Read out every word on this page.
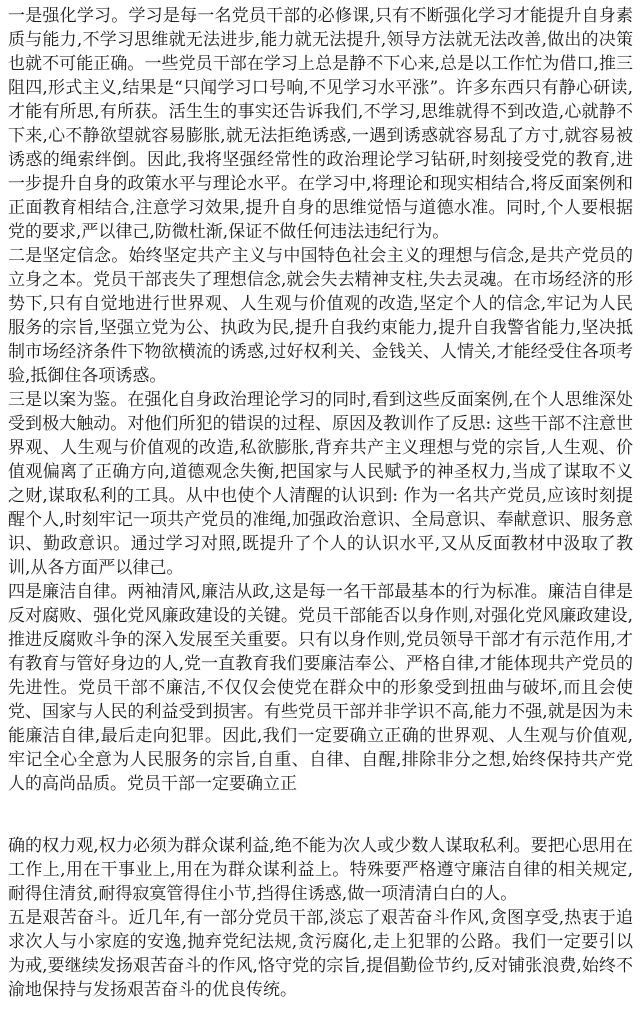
一是强化学习。学习是每一名党员干部的必修课,只有不断强化学习才能提升自身素质与能力,不学习思维就无法进步,能力就无法提升,领导方法就无法改善,做出的决策也就不可能正确。一些党员干部在学习上总是静不下心来,总是以工作忙为借口,推三阻四,形式主义,结果是“只闻学习口号响,不见学习水平涨”。许多东西只有静心研读,才能有所思,有所获。活生生的事实还告诉我们,不学习,思维就得不到改造,心就静不下来,心不静欲望就容易膨胀,就无法拒绝诱惑,一遇到诱惑就容易乱了方寸,就容易被诱惑的绳索绊倒。因此,我将坚强经常性的政治理论学习钻研,时刻接受党的教育,进一步提升自身的政策水平与理论水平。在学习中,将理论和现实相结合,将反面案例和正面教育相结合,注意学习效果,提升自身的思维觉悟与道德水准。同时,个人要根据党的要求,严以律己,防微杜渐,保证不做任何违法违纪行为。

二是坚定信念。始终坚定共产主义与中国特色社会主义的理想与信念,是共产党员的立身之本。党员干部丧失了理想信念,就会失去精神支柱,失去灵魂。在市场经济的形势下,只有自觉地进行世界观、人生观与价值观的改造,坚定个人的信念,牢记为人民服务的宗旨,坚强立党为公、执政为民,提升自我约束能力,提升自我警省能力,坚决抵制市场经济条件下物欲横流的诱惑,过好权利关、金钱关、人情关,才能经受住各项考验,抵御住各项诱惑。

三是以案为鉴。在强化自身政治理论学习的同时,看到这些反面案例,在个人思维深处受到极大触动。对他们所犯的错误的过程、原因及教训作了反思: 这些干部不注意世界观、人生观与价值观的改造,私欲膨胀,背弃共产主义理想与党的宗旨,人生观、价值观偏离了正确方向,道德观念失衡,把国家与人民赋予的神圣权力,当成了谋取不义之财,谋取私利的工具。从中也使个人清醒的认识到: 作为一名共产党员,应该时刻提醒个人,时刻牢记一项共产党员的准绳,加强政治意识、全局意识、奉献意识、服务意识、勤政意识。通过学习对照,既提升了个人的认识水平,又从反面教材中汲取了教训,从各方面严以律己。

四是廉洁自律。两袖清风,廉洁从政,这是每一名干部最基本的行为标准。廉洁自律是反对腐败、强化党风廉政建设的关键。党员干部能否以身作则,对强化党风廉政建设,推进反腐败斗争的深入发展至关重要。只有以身作则,党员领导干部才有示范作用,才有教育与管好身边的人,党一直教育我们要廉洁奉公、严格自律,才能体现共产党员的先进性。党员干部不廉洁,不仅仅会使党在群众中的形象受到扭曲与破坏,而且会使党、国家与人民的利益受到损害。有些党员干部并非学识不高,能力不强,就是因为未能廉洁自律,最后走向犯罪。因此,我们一定要确立正确的世界观、人生观与价值观,牢记全心全意为人民服务的宗旨,自重、自律、自醒,排除非分之想,始终保持共产党人的高尚品质。党员干部一定要确立正

确的权力观,权力必须为群众谋利益,绝不能为次人或少数人谋取私利。要把心思用在工作上,用在干事业上,用在为群众谋利益上。特殊要严格遵守廉洁自律的相关规定,耐得住清贫,耐得寂寞管得住小节,挡得住诱惑,做一项清清白白的人。

五是艰苦奋斗。近几年,有一部分党员干部,淡忘了艰苦奋斗作风,贪图享受,热衷于追求次人与小家庭的安逸,抛弃党纪法规,贪污腐化,走上犯罪的公路。我们一定要引以为戒,要继续发扬艰苦奋斗的作风,恪守党的宗旨,提倡勤俭节约,反对铺张浪费,始终不渝地保持与发扬艰苦奋斗的优良传统。
